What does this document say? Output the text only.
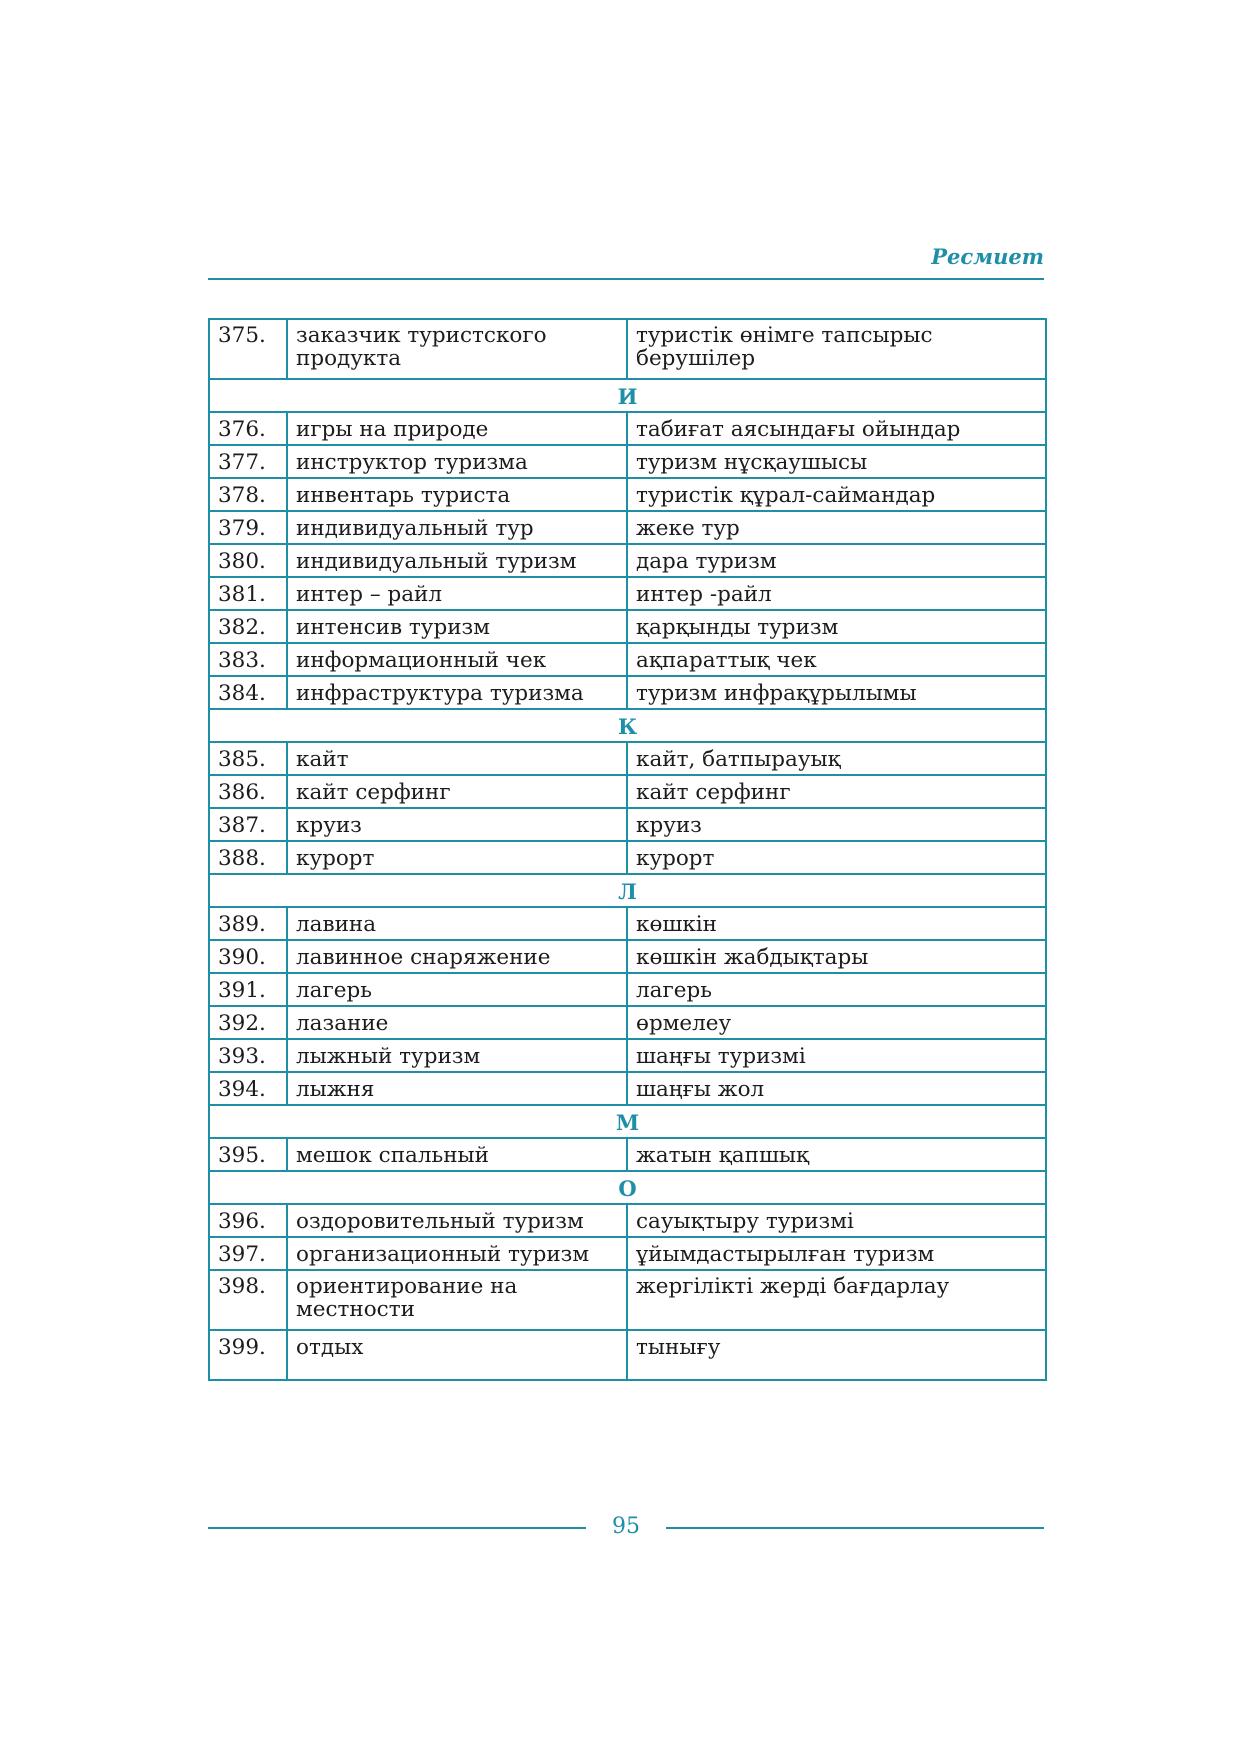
Ресмиет
375.	заказчик туристского продукта	туристік өнімге тапсырыс берушілер
И		
376.	игры на природе	табиғат аясындағы ойындар
377.	инструктор туризма	туризм нұсқаушысы
378.	инвентарь туриста	туристік құрал-саймандар
379.	индивидуальный тур	жеке тур
380.	индивидуальный туризм	дара туризм
381.	интер – райл	интер -райл
382.	интенсив туризм	қарқынды туризм
383.	информационный чек	ақпараттық чек
384.	инфраструктура туризма	туризм инфрақұрылымы
К		
385.	кайт	кайт, батпырауық
386.	кайт серфинг	кайт серфинг
387.	круиз	круиз
388.	курорт	курорт
Л		
389.	лавина	көшкін
390.	лавинное снаряжение	көшкін жабдықтары
391.	лагерь	лагерь
392.	лазание	өрмелеу
393.	лыжный туризм	шаңғы туризмі
394.	лыжня	шаңғы жол
М		
395.	мешок спальный	жатын қапшық
О		
396.	оздоровительный туризм	сауықтыру туризмі
397.	организационный туризм	ұйымдастырылған туризм
398.	ориентирование на местности	жергілікті жерді бағдарлау
399.	отдых	тынығу
95
